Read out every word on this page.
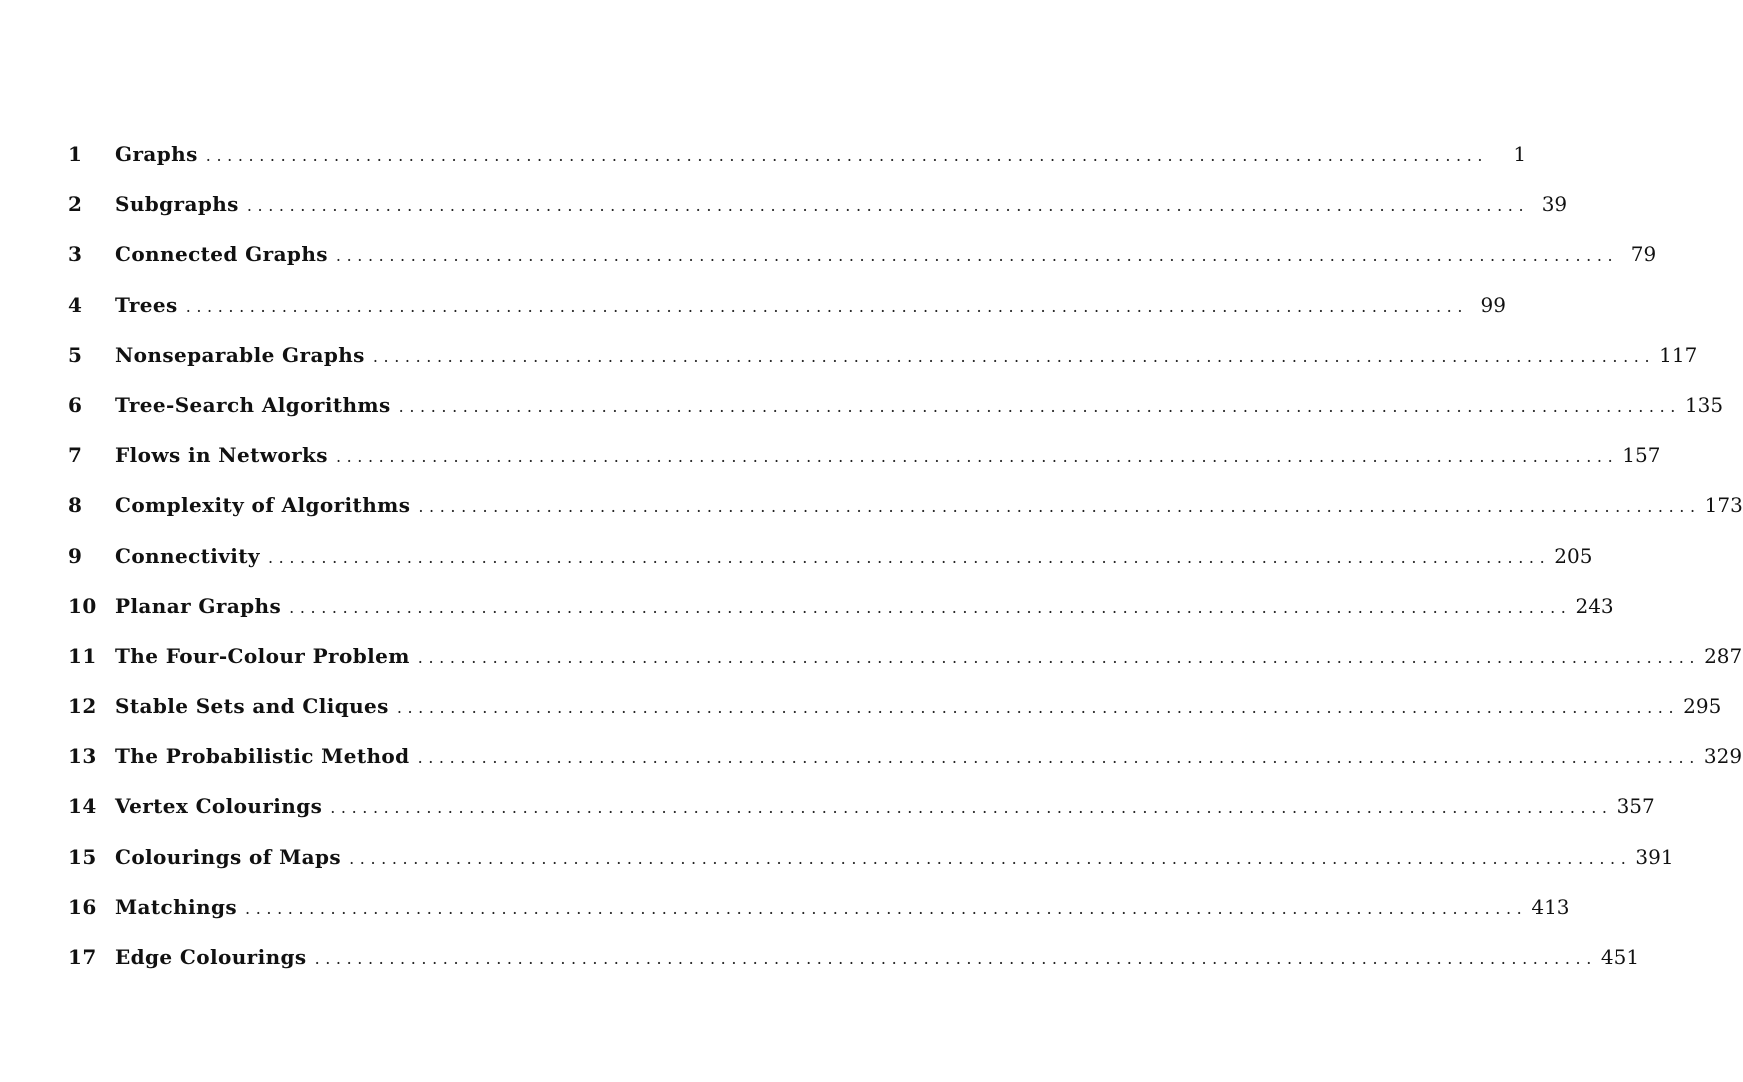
1	Graphs ........................................................................................................................	1
2	Subgraphs ........................................................................................................................ 39
3	Connected Graphs ........................................................................................................................ 79
4	Trees ........................................................................................................................ 99
5	Nonseparable Graphs ........................................................................................................................ 117
6	Tree-Search Algorithms ........................................................................................................................ 135
7	Flows in Networks ........................................................................................................................ 157
8	Complexity of Algorithms ........................................................................................................................ 173
9	Connectivity ........................................................................................................................ 205
10 Planar Graphs ........................................................................................................................ 243
11 The Four-Colour Problem ........................................................................................................................ 287
12 Stable Sets and Cliques ........................................................................................................................ 295
13 The Probabilistic Method ........................................................................................................................ 329
14 Vertex Colourings ........................................................................................................................ 357
15 Colourings of Maps ........................................................................................................................ 391
16 Matchings ........................................................................................................................ 413
17 Edge Colourings ........................................................................................................................ 451
